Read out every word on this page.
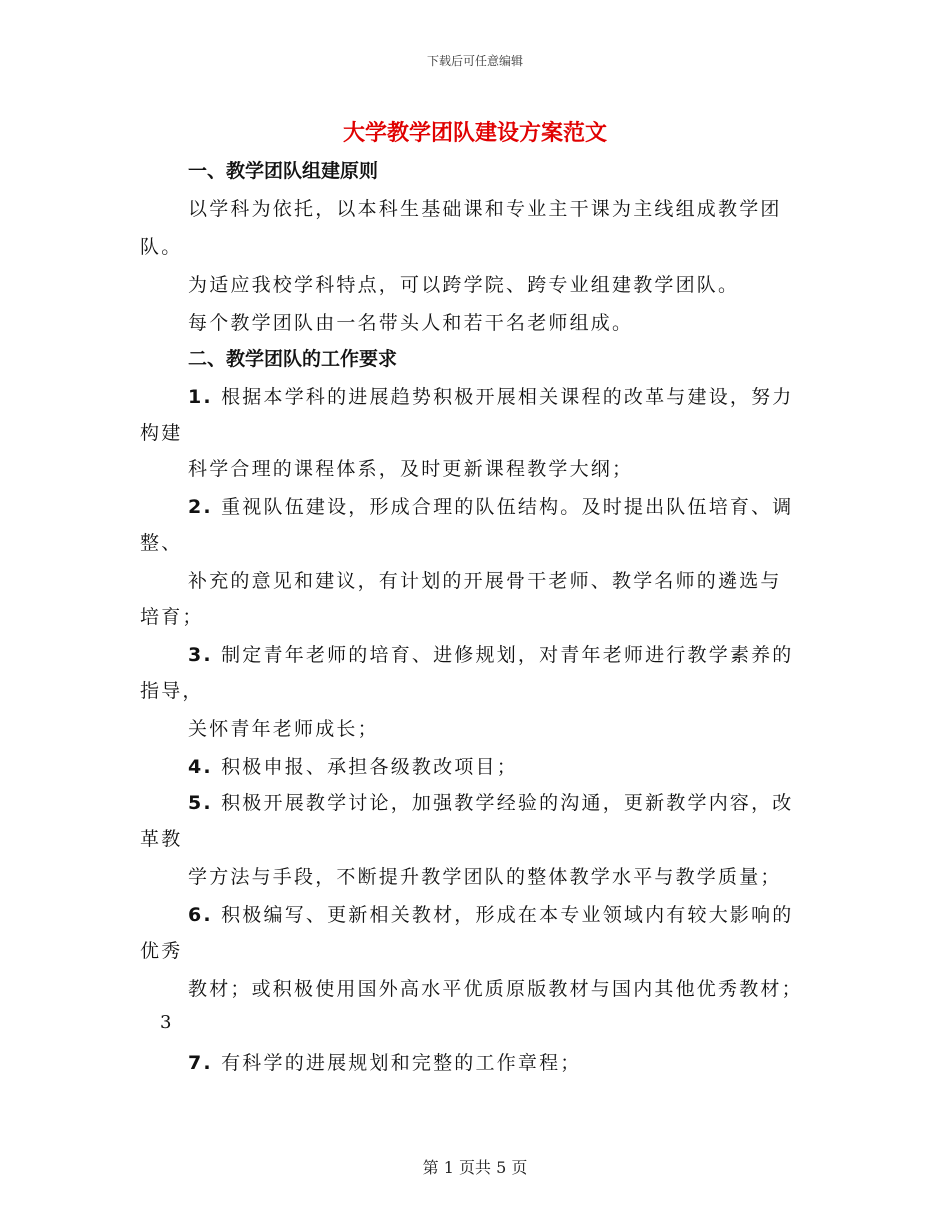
下载后可任意编辑
大学教学团队建设方案范文
一、教学团队组建原则
以学科为依托，以本科生基础课和专业主干课为主线组成教学团
队。
为适应我校学科特点，可以跨学院、跨专业组建教学团队。
每个教学团队由一名带头人和若干名老师组成。
二、教学团队的工作要求
1. 根据本学科的进展趋势积极开展相关课程的改革与建设，努力
构建
科学合理的课程体系，及时更新课程教学大纲；
2. 重视队伍建设，形成合理的队伍结构。及时提出队伍培育、调
整、
补充的意见和建议，有计划的开展骨干老师、教学名师的遴选与
培育；
3. 制定青年老师的培育、进修规划，对青年老师进行教学素养的
指导，
关怀青年老师成长；
4. 积极申报、承担各级教改项目；
5. 积极开展教学讨论，加强教学经验的沟通，更新教学内容，改
革教
学方法与手段，不断提升教学团队的整体教学水平与教学质量；
6. 积极编写、更新相关教材，形成在本专业领域内有较大影响的
优秀
教材；或积极使用国外高水平优质原版教材与国内其他优秀教材；
3
7. 有科学的进展规划和完整的工作章程；
第 1 页共 5 页
